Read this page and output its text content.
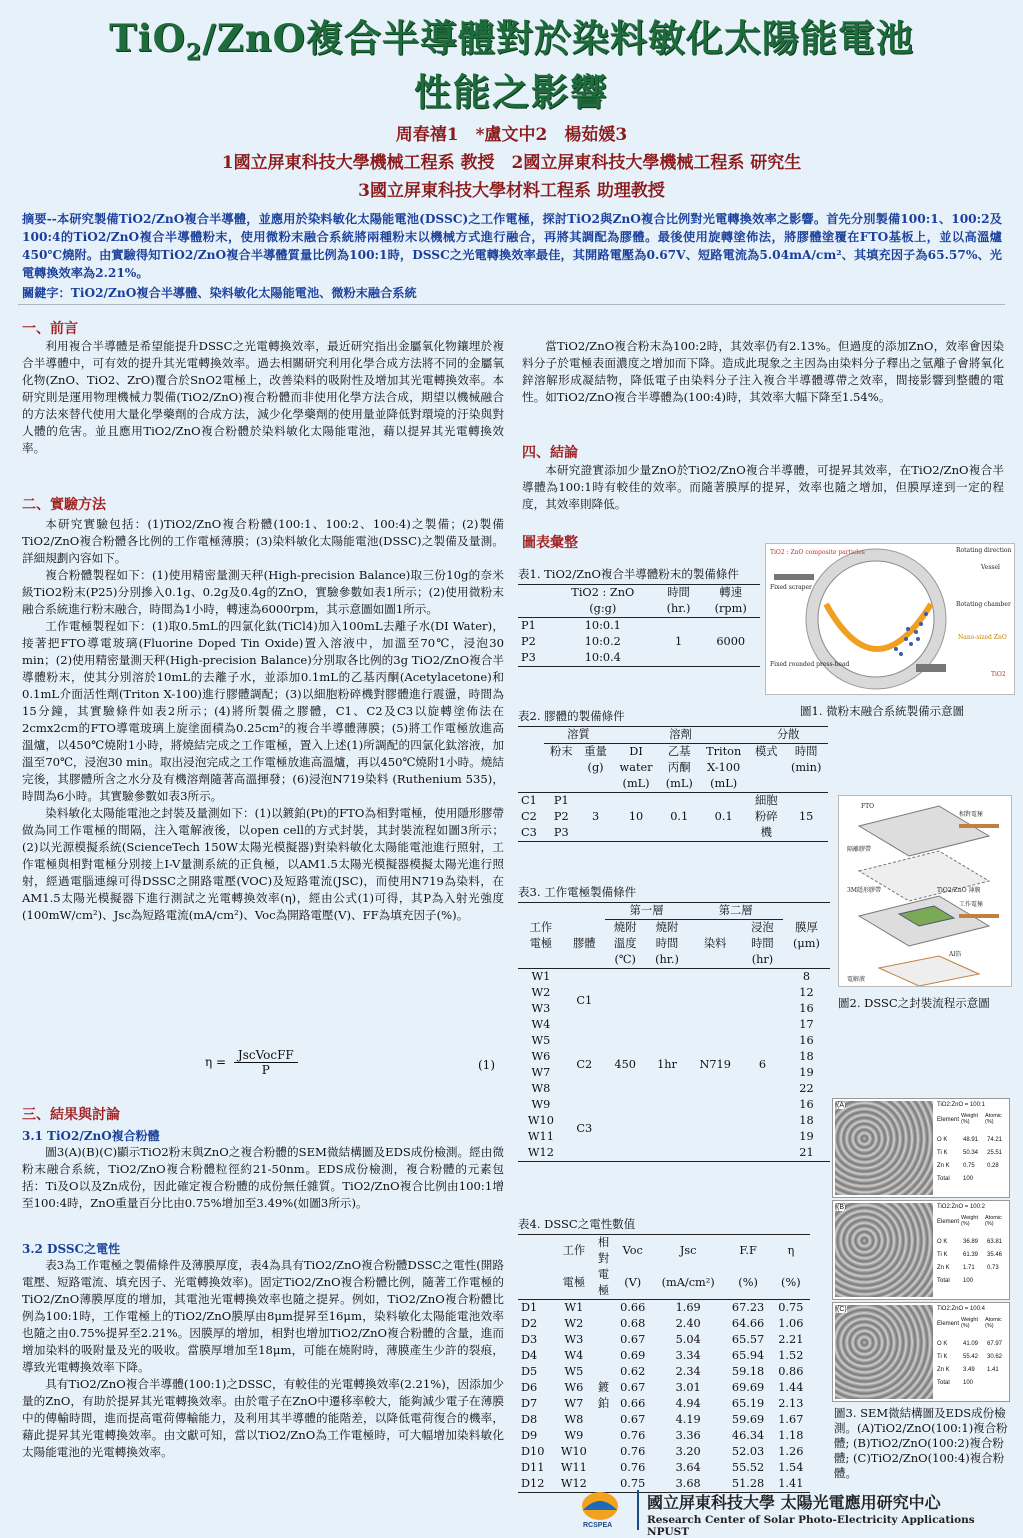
TiO$_2$/ZnO複合半導體對於染料敏化太陽能電池
性能之影響
周春禧1　*盧文中2　楊茹媛3
1國立屏東科技大學機械工程系 教授　2國立屏東科技大學機械工程系 研究生
3國立屏東科技大學材料工程系 助理教授
摘要--本研究製備TiO2/ZnO複合半導體，並應用於染料敏化太陽能電池(DSSC)之工作電極，探討TiO2與ZnO複合比例對光電轉換效率之影響。首先分別製備100:1、100:2及100:4的TiO2/ZnO複合半導體粉末，使用微粉末融合系統將兩種粉末以機械方式進行融合，再將其調配為膠體。最後使用旋轉塗佈法，將膠體塗覆在FTO基板上，並以高溫爐450℃燒附。由實驗得知TiO2/ZnO複合半導體質量比例為100:1時，DSSC之光電轉換效率最佳，其開路電壓為0.67V、短路電流為5.04mA/cm²、其填充因子為65.57%、光電轉換效率為2.21%。
關鍵字：TiO2/ZnO複合半導體、染料敏化太陽能電池、微粉末融合系統
一、前言

利用複合半導體是希望能提升DSSC之光電轉換效率，最近研究指出金屬氧化物鑲埋於複合半導體中，可有效的提升其光電轉換效率。過去相關研究利用化學合成方法將不同的金屬氧化物(ZnO、TiO2、ZrO)覆合於SnO2電極上，改善染料的吸附性及增加其光電轉換效率。本研究則是運用物理機械力製備(TiO2/ZnO)複合粉體而非使用化學方法合成，期望以機械融合的方法來替代使用大量化學藥劑的合成方法，減少化學藥劑的使用量並降低對環境的汙染與對人體的危害。並且應用TiO2/ZnO複合粉體於染料敏化太陽能電池，藉以提昇其光電轉換效率。

二、實驗方法

本研究實驗包括：(1)TiO2/ZnO複合粉體(100:1、100:2、100:4)之製備；(2)製備TiO2/ZnO複合粉體各比例的工作電極薄膜；(3)染料敏化太陽能電池(DSSC)之製備及量測。詳細規劃內容如下。

複合粉體製程如下：(1)使用精密量測天秤(High-precision Balance)取三份10g的奈米級TiO2粉末(P25)分別摻入0.1g、0.2g及0.4g的ZnO，實驗參數如表1所示；(2)使用微粉末融合系統進行粉末融合，時間為1小時，轉速為6000rpm，其示意圖如圖1所示。

工作電極製程如下：(1)取0.5mL的四氯化鈦(TiCl4)加入100mL去離子水(DI Water)，接著把FTO導電玻璃(Fluorine Doped Tin Oxide)置入溶液中，加溫至70℃，浸泡30 min；(2)使用精密量測天秤(High-precision Balance)分別取各比例的3g TiO2/ZnO複合半導體粉末，使其分別溶於10mL的去離子水，並添加0.1mL的乙基丙酮(Acetylacetone)和0.1mL介面活性劑(Triton X-100)進行膠體調配；(3)以細胞粉碎機對膠體進行震盪，時間為15分鐘，其實驗條件如表2所示；(4)將所製備之膠體，C1、C2及C3以旋轉塗佈法在2cmx2cm的FTO導電玻璃上旋塗面積為0.25cm²的複合半導體薄膜；(5)將工作電極放進高溫爐，以450℃燒附1小時，將燒結完成之工作電極，置入上述(1)所調配的四氯化鈦溶液，加溫至70℃，浸泡30 min。取出浸泡完成之工作電極放進高溫爐，再以450℃燒附1小時。燒結完後，其膠體所含之水分及有機溶劑隨著高溫揮發；(6)浸泡N719染料 (Ruthenium 535)，時間為6小時。其實驗參數如表3所示。

染料敏化太陽能電池之封裝及量測如下：(1)以鍍鉑(Pt)的FTO為相對電極，使用隱形膠帶做為同工作電極的間隔，注入電解液後，以open cell的方式封裝，其封裝流程如圖3所示；(2)以光源模擬系統(ScienceTech 150W太陽光模擬器)對染料敏化太陽能電池進行照射，工作電極與相對電極分別接上I-V量測系統的正負極，以AM1.5太陽光模擬器模擬太陽光進行照射，經過電腦連線可得DSSC之開路電壓(VOC)及短路電流(JSC)，而使用N719為染料，在AM1.5太陽光模擬器下進行測試之光電轉換效率(η)，經由公式(1)可得，其P為入射光強度(100mW/cm²)、Jsc為短路電流(mA/cm²)、Voc為開路電壓(V)、FF為填充因子(%)。

η = JscVocFF
P	(1)
三、結果與討論
3.1 TiO2/ZnO複合粉體

圖3(A)(B)(C)顯示TiO2粉末與ZnO之複合粉體的SEM微結構圖及EDS成份檢測。經由微粉末融合系統，TiO2/ZnO複合粉體粒徑約21-50nm。EDS成份檢測，複合粉體的元素包括：Ti及O以及Zn成份，因此確定複合粉體的成份無任雜質。TiO2/ZnO複合比例由100:1增至100:4時，ZnO重量百分比由0.75%增加至3.49%(如圖3所示)。

3.2 DSSC之電性

表3為工作電極之製備條件及薄膜厚度，表4為具有TiO2/ZnO複合粉體DSSC之電性(開路電壓、短路電流、填充因子、光電轉換效率)。固定TiO2/ZnO複合粉體比例，隨著工作電極的TiO2/ZnO薄膜厚度的增加，其電池光電轉換效率也隨之提昇。例如，TiO2/ZnO複合粉體比例為100:1時，工作電極上的TiO2/ZnO膜厚由8μm提昇至16μm，染料敏化太陽能電池效率也隨之由0.75%提昇至2.21%。因膜厚的增加，相對也增加TiO2/ZnO複合粉體的含量，進而增加染料的吸附量及光的吸收。當膜厚增加至18μm，可能在燒附時，薄膜產生少許的裂痕，導致光電轉換效率下降。

具有TiO2/ZnO複合半導體(100:1)之DSSC，有較佳的光電轉換效率(2.21%)，因添加少量的ZnO，有助於提昇其光電轉換效率。由於電子在ZnO中遷移率較大，能夠減少電子在薄膜中的傳輸時間，進而提高電荷傳輸能力，及利用其半導體的能階差，以降低電荷復合的機率，藉此提昇其光電轉換效率。由文獻可知，當以TiO2/ZnO為工作電極時，可大幅增加染料敏化太陽能電池的光電轉換效率。

當TiO2/ZnO複合粉末為100:2時，其效率仍有2.13%。但過度的添加ZnO，效率會因染料分子於電極表面濃度之增加而下降。造成此現象之主因為由染料分子釋出之氫離子會將氧化鋅溶解形成凝結物，降低電子由染料分子注入複合半導體導帶之效率，間接影響到整體的電性。如TiO2/ZnO複合半導體為(100:4)時，其效率大幅下降至1.54%。

四、結論

本研究證實添加少量ZnO於TiO2/ZnO複合半導體，可提昇其效率，在TiO2/ZnO複合半導體為100:1時有較佳的效率。而隨著膜厚的提昇，效率也隨之增加，但膜厚達到一定的程度，其效率則降低。

圖表彙整
表1. TiO2/ZnO複合半導體粉末的製備條件
	TiO2 : ZnO	時間	轉速
	(g:g)	(hr.)	(rpm)
P1	10:0.1	1	6000
P2	10:0.2		
P3	10:0.4		
TiO2 : ZnO composite particles	Rotating direction
Vessel
Fixed scraper
Rotating chamber
Nano-sized ZnO
Fixed rounded press-head
TiO2
圖1. 微粉末融合系統製備示意圖
表2. 膠體的製備條件
	溶質		溶劑			分散	
	粉末	重量	DI	乙基	Triton	模式	時間
		(g)	water	丙酮	X-100		(min)
			(mL)	(mL)	(mL)		
C1	P1	3	10	0.1	0.1	細胞粉碎機	15
C2	P2						
C3	P3						
FTO
相對電極
隔離膠帶
工作電極
3M隱形膠帶	TiO2/ZnO 薄膜
Al箔
電解液
圖2. DSSC之封裝流程示意圖
表3. 工作電極製備條件
		第一層		第二層		
工作		燒附	燒附		浸泡	膜厚
電極	膠體	溫度	時間	染料	時間	(μm)
		(℃)	(hr.)		(hr)	
W1	C1	450	1hr	N719	6	8
W2						12
W3						16
W4						17
W5	C2					16
W6						18
W7						19
W8						22
W9	C3					16
W10						18
W11						19
W12						21
表4. DSSC之電性數值
	工作	相對	Voc	Jsc	F.F	η
	電極	電極	(V)	(mA/cm²)	(%)	(%)
D1	W1		0.66	1.69	67.23	0.75
D2	W2		0.68	2.40	64.66	1.06
D3	W3		0.67	5.04	65.57	2.21
D4	W4		0.69	3.34	65.94	1.52
D5	W5		0.62	2.34	59.18	0.86
D6	W6	鍍鉑	0.67	3.01	69.69	1.44
D7	W7		0.66	4.94	65.19	2.13
D8	W8		0.67	4.19	59.69	1.67
D9	W9		0.76	3.36	46.34	1.18
D10	W10		0.76	3.20	52.03	1.26
D11	W11		0.76	3.64	55.52	1.54
D12	W12		0.75	3.68	51.28	1.41
(A)	TiO2:ZnO = 100:1
Element
Weight (%)
Atomic (%)
O K	48.91 74.21
Ti K	50.34 25.51
Zn K 0.75 0.28
Total 100
(B)	TiO2:ZnO = 100:2
Element
Weight (%)
Atomic (%)
O K	36.89 63.81
Ti K	61.39 35.46
Zn K 1.71 0.73
Total 100
(C)	TiO2:ZnO = 100:4
Element
Weight (%)
Atomic (%)
O K	41.09 67.97
Ti K	55.42 30.62
Zn K 3.49 1.41
Total 100
圖3. SEM微結構圖及EDS成份檢測。(A)TiO2/ZnO(100:1)複合粉體; (B)TiO2/ZnO(100:2)複合粉體; (C)TiO2/ZnO(100:4)複合粉體。
RCSPEA
國立屏東科技大學 太陽光電應用研究中心
Research Center of Solar Photo-Electricity Applications NPUST
